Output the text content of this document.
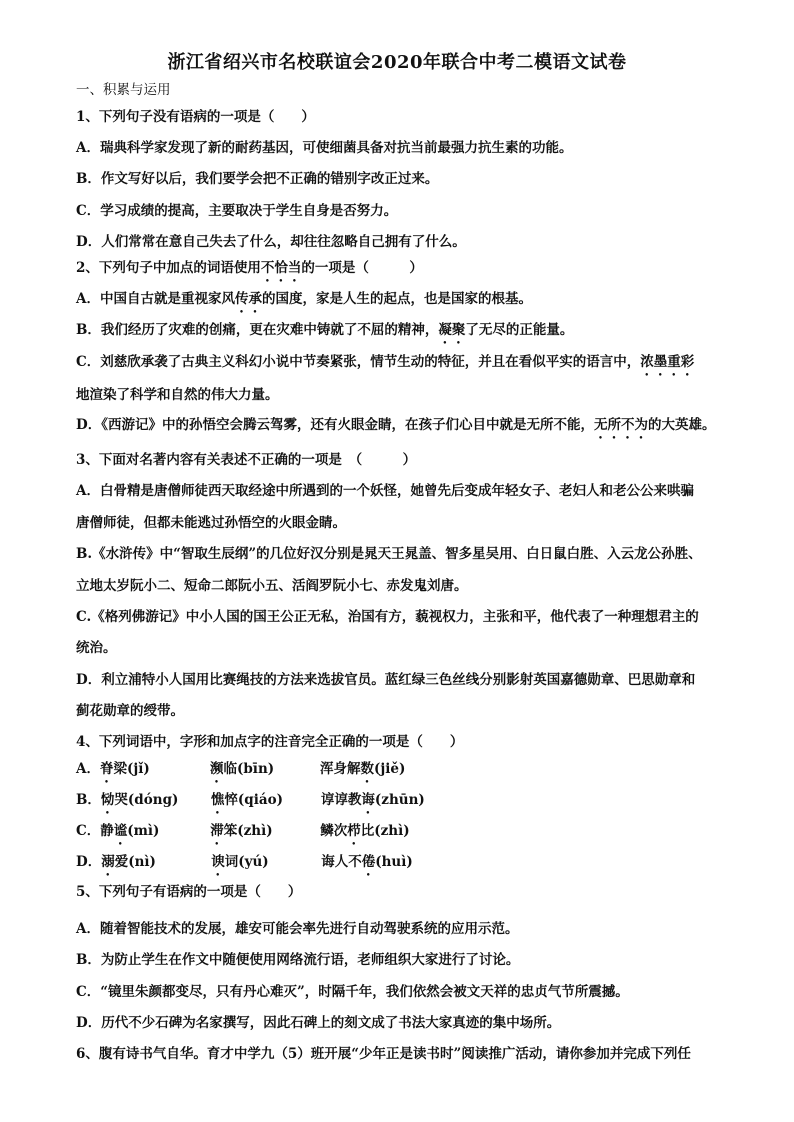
浙江省绍兴市名校联谊会2020年联合中考二模语文试卷
一、积累与运用
1、下列句子没有语病的一项是（　　）
A．瑞典科学家发现了新的耐药基因，可使细菌具备对抗当前最强力抗生素的功能。
B．作文写好以后，我们要学会把不正确的错别字改正过来。
C．学习成绩的提高，主要取决于学生自身是否努力。
D．人们常常在意自己失去了什么，却往往忽略自己拥有了什么。
2、下列句子中加点的词语使用不恰当的一项是（　　　）
A．中国自古就是重视家风传承的国度，家是人生的起点，也是国家的根基。
B．我们经历了灾难的创痛，更在灾难中铸就了不屈的精神，凝聚了无尽的正能量。
C．刘慈欣承袭了古典主义科幻小说中节奏紧张，情节生动的特征，并且在看似平实的语言中，浓墨重彩
地渲染了科学和自然的伟大力量。
D．《西游记》中的孙悟空会腾云驾雾，还有火眼金睛，在孩子们心目中就是无所不能，无所不为的大英雄。
3、下面对名著内容有关表述不正确的一项是　（　　　）
A．白骨精是唐僧师徒西天取经途中所遇到的一个妖怪，她曾先后变成年轻女子、老妇人和老公公来哄骗
唐僧师徒，但都未能逃过孙悟空的火眼金睛。
B.《水浒传》中“智取生辰纲”的几位好汉分别是晁天王晁盖、智多星吴用、白日鼠白胜、入云龙公孙胜、
立地太岁阮小二、短命二郎阮小五、活阎罗阮小七、赤发鬼刘唐。
C.《格列佛游记》中小人国的国王公正无私，治国有方，藐视权力，主张和平，他代表了一种理想君主的
统治。
D．利立浦特小人国用比赛绳技的方法来选拔官员。蓝红绿三色丝线分别影射英国嘉德勋章、巴思勋章和
蓟花勋章的绶带。
4、下列词语中，字形和加点字的注音完全正确的一项是（　　）
A．脊梁(jǐ)	濒临(bīn)	浑身解数(jiě)
B．恸哭(dóng) 憔悴(qiáo)	谆谆教诲(zhūn)
C．静谧(mì)	滞笨(zhì)	鳞次栉比(zhì)
D．溺爱(nì)	谀词(yú)	诲人不倦(huì)
5、下列句子有语病的一项是（　　）
A．随着智能技术的发展，雄安可能会率先进行自动驾驶系统的应用示范。
B．为防止学生在作文中随便使用网络流行语，老师组织大家进行了讨论。
C．“镜里朱颜都变尽，只有丹心难灭”，时隔千年，我们依然会被文天祥的忠贞气节所震撼。
D．历代不少石碑为名家撰写，因此石碑上的刻文成了书法大家真迹的集中场所。
6、腹有诗书气自华。育才中学九（5）班开展“少年正是读书时”阅读推广活动，请你参加并完成下列任
